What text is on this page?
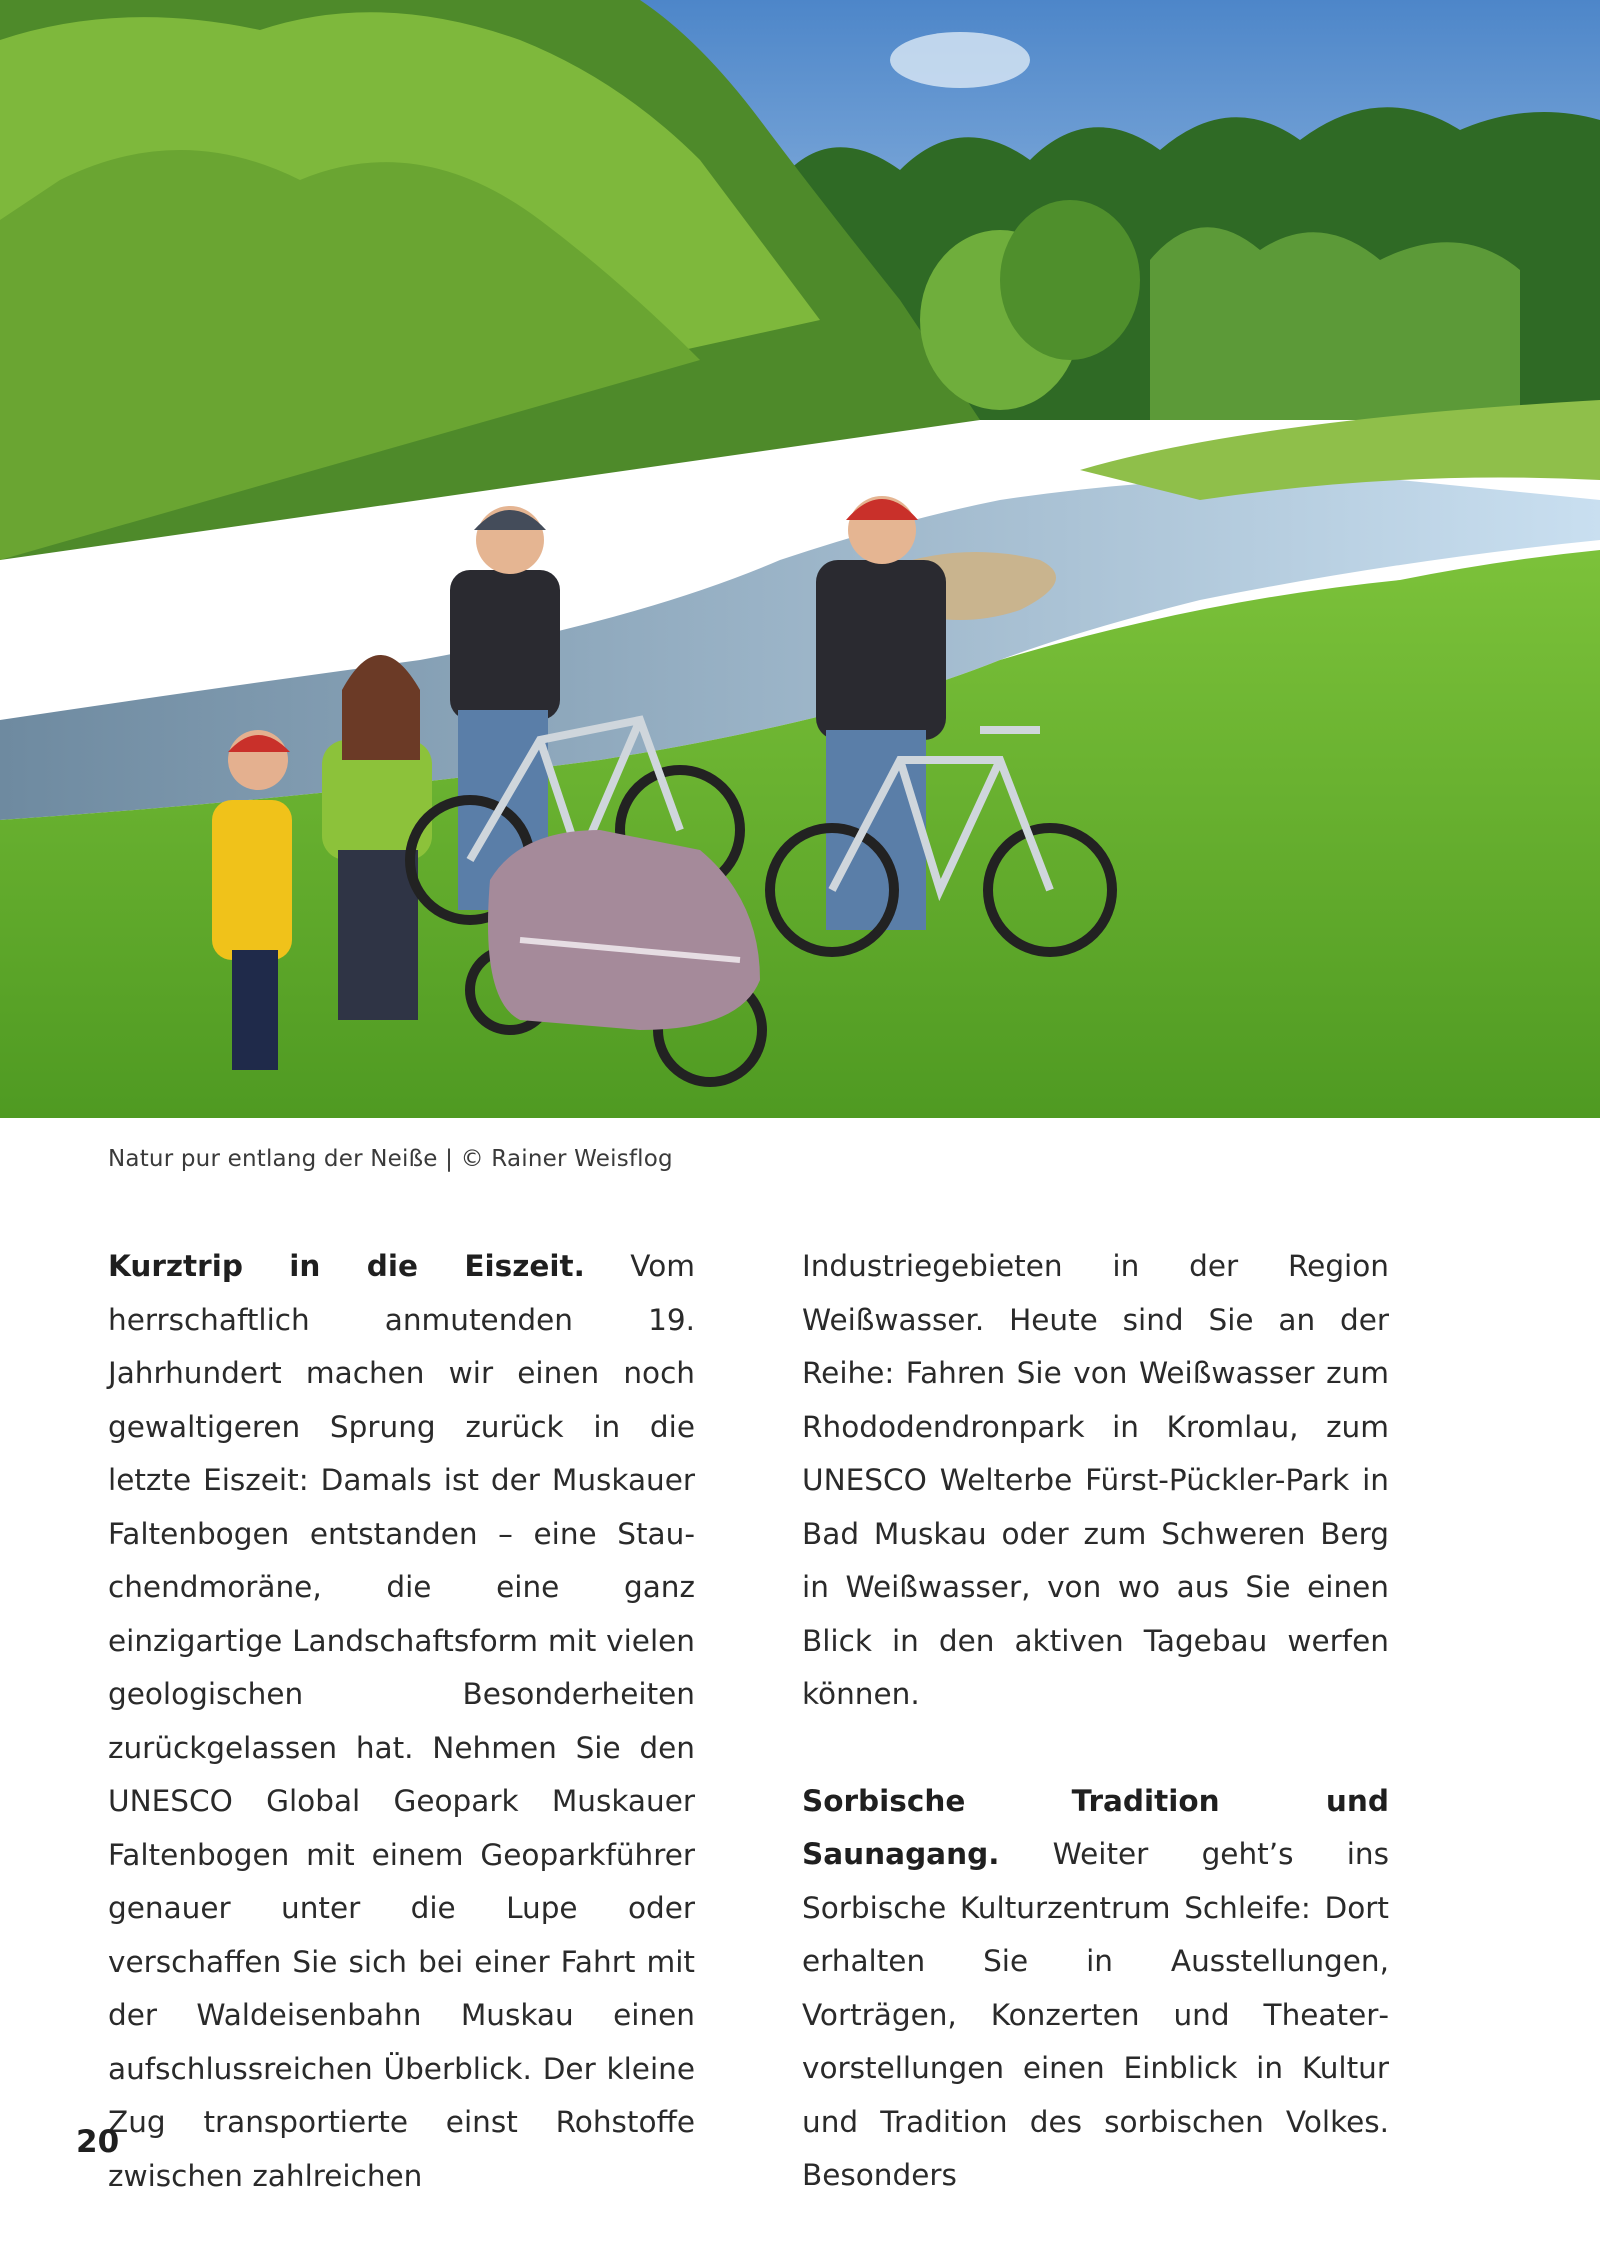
Natur pur entlang der Neiße | © Rainer Weisflog

Kurztrip in die Eiszeit. Vom herrschaftlich anmutenden 19. Jahrhundert machen wir einen noch gewaltigeren Sprung zurück in die letzte Eiszeit: Damals ist der Muskauer Faltenbogen entstanden – eine Stauchendmoräne, die eine ganz einzigartige Landschaftsform mit vielen geologischen Besonderheiten zurückgelassen hat. Nehmen Sie den UNESCO Global Geopark Muskauer Faltenbogen mit einem Geoparkführer genauer unter die Lupe oder verschaffen Sie sich bei einer Fahrt mit der Waldeisenbahn Muskau einen aufschlussreichen Überblick. Der kleine Zug transportierte einst Rohstoffe zwischen zahlreichen

Industriegebieten in der Region Weißwasser. Heute sind Sie an der Reihe: Fahren Sie von Weißwasser zum Rhododendronpark in Kromlau, zum UNESCO Welterbe Fürst-Pückler-Park in Bad Muskau oder zum Schweren Berg in Weißwasser, von wo aus Sie einen Blick in den aktiven Tagebau werfen können.

Sorbische Tradition und Saunagang. Weiter geht’s ins Sorbische Kulturzentrum Schleife: Dort erhalten Sie in Ausstellungen, Vorträgen, Konzerten und Theatervorstellungen einen Einblick in Kultur und Tradition des sorbischen Volkes. Besonders

20
